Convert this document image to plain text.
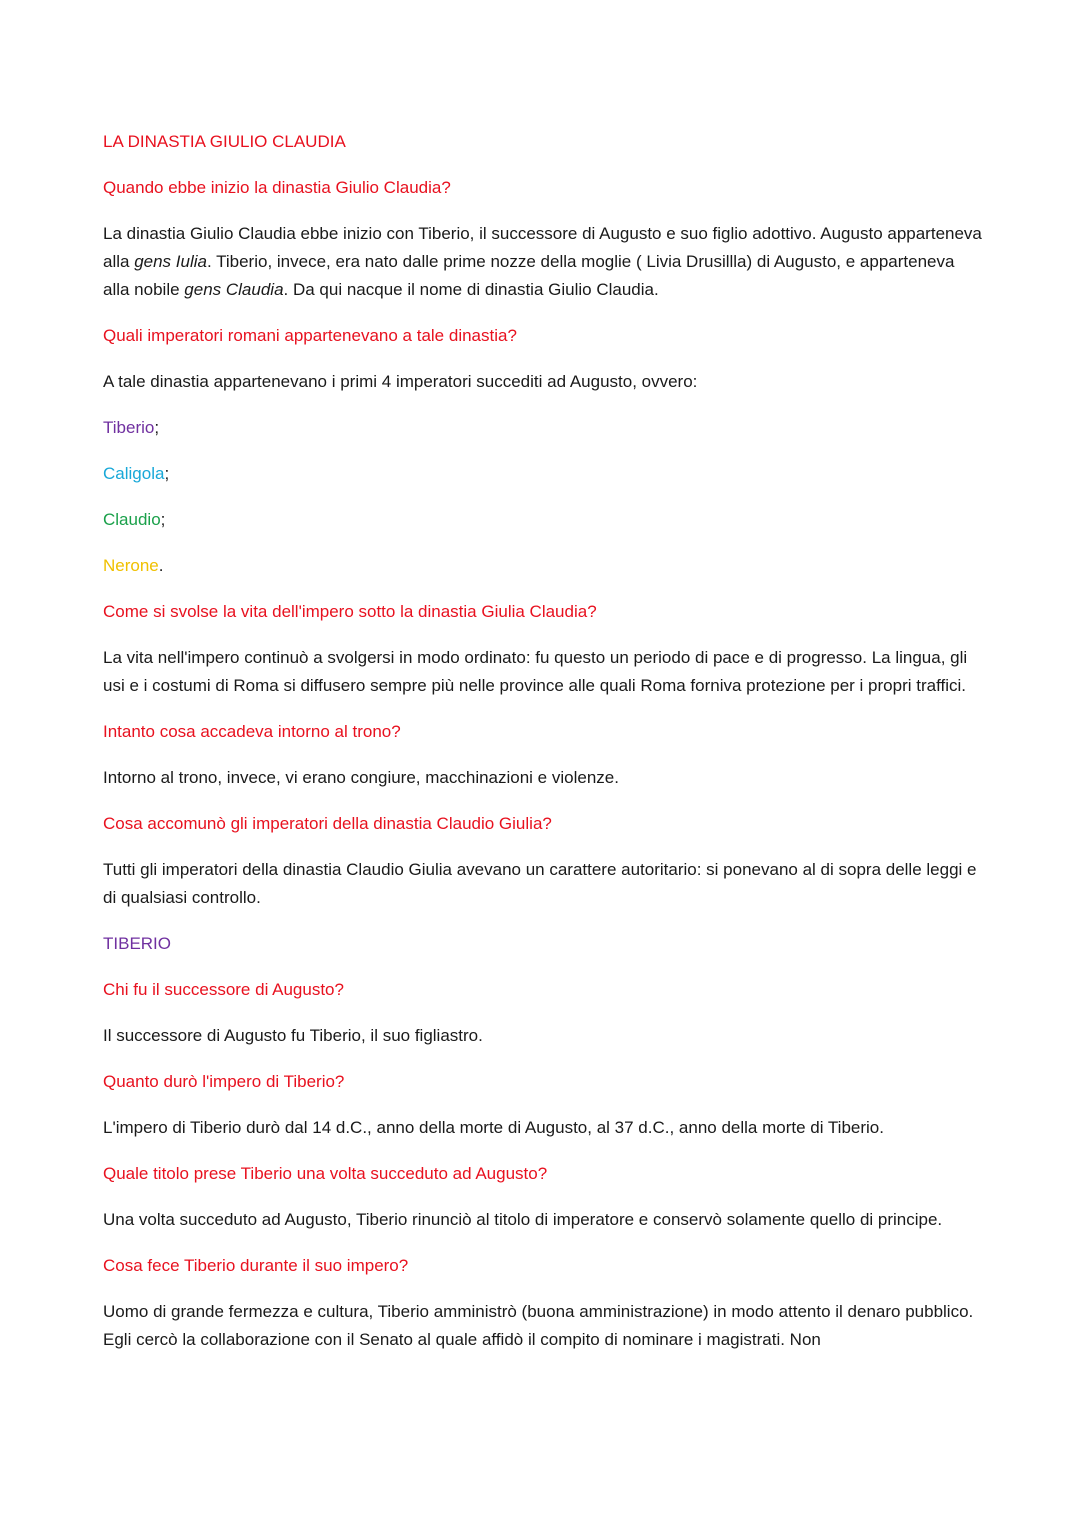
LA DINASTIA GIULIO CLAUDIA

Quando ebbe inizio la dinastia Giulio Claudia?

La dinastia Giulio Claudia ebbe inizio con Tiberio, il successore di Augusto e suo figlio adottivo. Augusto apparteneva alla gens Iulia. Tiberio, invece, era nato dalle prime nozze della moglie ( Livia Drusillla) di Augusto, e apparteneva alla nobile gens Claudia. Da qui nacque il nome di dinastia Giulio Claudia.

Quali imperatori romani appartenevano a tale dinastia?

A tale dinastia appartenevano i primi 4 imperatori succediti ad Augusto, ovvero:

Tiberio;

Caligola;

Claudio;

Nerone.

Come si svolse la vita dell'impero sotto la dinastia Giulia Claudia?

La vita nell'impero continuò a svolgersi in modo ordinato: fu questo un periodo di pace e di progresso. La lingua, gli usi e i costumi di Roma si diffusero sempre più nelle province alle quali Roma forniva protezione per i propri traffici.

Intanto cosa accadeva intorno al trono?

Intorno al trono, invece, vi erano congiure, macchinazioni e violenze.

Cosa accomunò gli imperatori della dinastia Claudio Giulia?

Tutti gli imperatori della dinastia Claudio Giulia avevano un carattere autoritario: si ponevano al di sopra delle leggi e di qualsiasi controllo.

TIBERIO

Chi fu il successore di Augusto?

Il successore di Augusto fu Tiberio, il suo figliastro.

Quanto durò l'impero di Tiberio?

L'impero di Tiberio durò dal 14 d.C., anno della morte di Augusto, al 37 d.C., anno della morte di Tiberio.

Quale titolo prese Tiberio una volta succeduto ad Augusto?

Una volta succeduto ad Augusto, Tiberio rinunciò al titolo di imperatore e conservò solamente quello di principe.

Cosa fece Tiberio durante il suo impero?

Uomo di grande fermezza e cultura, Tiberio amministrò (buona amministrazione) in modo attento il denaro pubblico. Egli cercò la collaborazione con il Senato al quale affidò il compito di nominare i magistrati. Non
